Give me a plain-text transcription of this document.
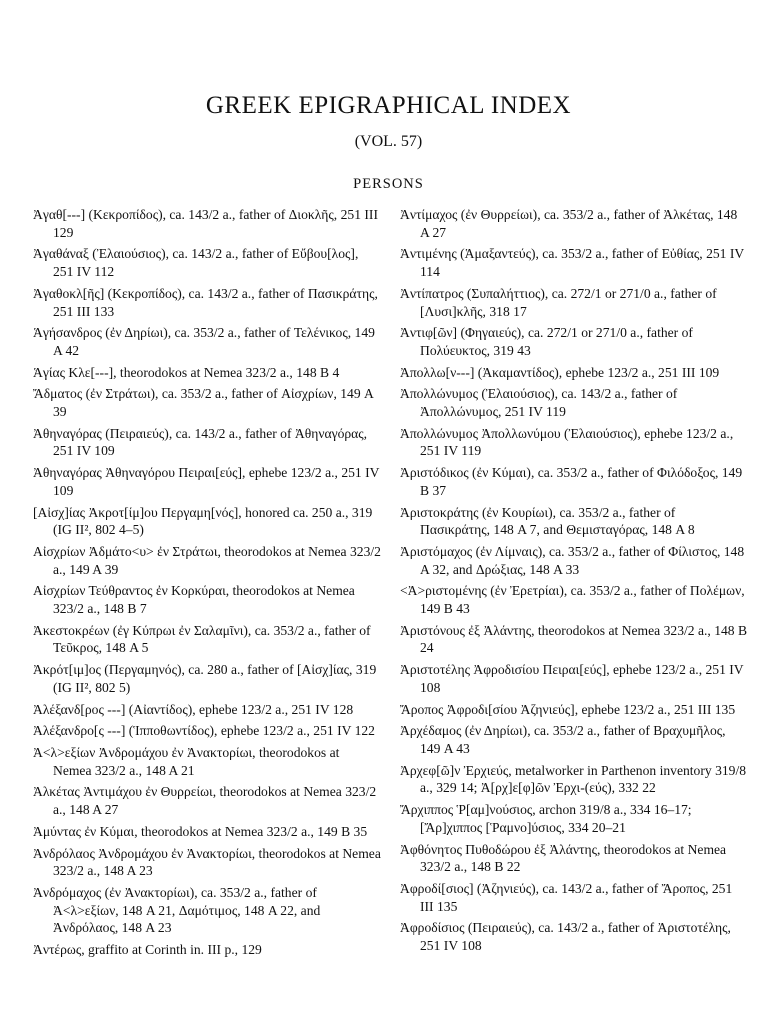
GREEK EPIGRAPHICAL INDEX
(VOL. 57)
PERSONS
Ἀγαθ[---] (Κεκροπίδος), ca. 143/2 a., father of Διοκλῆς, 251 III 129
Ἀγαθάναξ (Ἐλαιούσιος), ca. 143/2 a., father of Εὔβου[λος], 251 IV 112
Ἀγαθοκλ[ῆς] (Κεκροπίδος), ca. 143/2 a., father of Πασικράτης, 251 III 133
Ἁγήσανδρος (ἐν Δηρίωι), ca. 353/2 a., father of Τελένικος, 149 A 42
Ἁγίας Κλε[---], theorodokos at Nemea 323/2 a., 148 B 4
Ἄδματος (ἐν Στράτωι), ca. 353/2 a., father of Αἰσχρίων, 149 A 39
Ἀθηναγόρας (Πειραιεύς), ca. 143/2 a., father of Ἀθηναγόρας, 251 IV 109
Ἀθηναγόρας Ἀθηναγόρου Πειραι[εύς], ephebe 123/2 a., 251 IV 109
[Αἰσχ]ίας Ἀκροτ[ίμ]ου Περγαμη[νός], honored ca. 250 a., 319 (IG II², 802 4–5)
Αἰσχρίων Ἀδμάτο<υ> ἐν Στράτωι, theorodokos at Nemea 323/2 a., 149 A 39
Αἰσχρίων Τεύθραντος ἐν Κορκύραι, theorodokos at Nemea 323/2 a., 148 B 7
Ἀκεστοκρέων (ἐγ Κύπρωι ἐν Σαλαμῖνι), ca. 353/2 a., father of Τεῦκρος, 148 A 5
Ἀκρότ[ιμ]ος (Περγαμηνός), ca. 280 a., father of [Αἰσχ]ίας, 319 (IG II², 802 5)
Ἀλέξανδ[ρος ---] (Αἰαντίδος), ephebe 123/2 a., 251 IV 128
Ἀλέξανδρο[ς ---] (Ἱπποθωντίδος), ephebe 123/2 a., 251 IV 122
Ἀ<λ>εξίων Ἀνδρομάχου ἐν Ἀνακτορίωι, theorodokos at Nemea 323/2 a., 148 A 21
Ἀλκέτας Ἀντιμάχου ἐν Θυρρείωι, theorodokos at Nemea 323/2 a., 148 A 27
Ἀμύντας ἐν Κύμαι, theorodokos at Nemea 323/2 a., 149 B 35
Ἀνδρόλαος Ἀνδρομάχου ἐν Ἀνακτορίωι, theorodokos at Nemea 323/2 a., 148 A 23
Ἀνδρόμαχος (ἐν Ἀνακτορίωι), ca. 353/2 a., father of Ἀ<λ>εξίων, 148 A 21, Δαμότιμος, 148 A 22, and Ἀνδρόλαος, 148 A 23
Ἀντέρως, graffito at Corinth in. III p., 129
Ἀντίμαχος (ἐν Θυρρείωι), ca. 353/2 a., father of Ἀλκέτας, 148 A 27
Ἀντιμένης (Ἁμαξαντεύς), ca. 353/2 a., father of Εὐθίας, 251 IV 114
Ἀντίπατρος (Συπαλήττιος), ca. 272/1 or 271/0 a., father of [Λυσι]κλῆς, 318 17
Ἀντιφ[ῶν] (Φηγαιεύς), ca. 272/1 or 271/0 a., father of Πολύευκτος, 319 43
Ἀπολλω[ν---] (Ἀκαμαντίδος), ephebe 123/2 a., 251 III 109
Ἀπολλώνυμος (Ἐλαιούσιος), ca. 143/2 a., father of Ἀπολλώνυμος, 251 IV 119
Ἀπολλώνυμος Ἀπολλωνύμου (Ἐλαιούσιος), ephebe 123/2 a., 251 IV 119
Ἀριστόδικος (ἐν Κύμαι), ca. 353/2 a., father of Φιλόδοξος, 149 B 37
Ἀριστοκράτης (ἐν Κουρίωι), ca. 353/2 a., father of Πασικράτης, 148 A 7, and Θεμισταγόρας, 148 A 8
Ἀριστόμαχος (ἐν Λίμναις), ca. 353/2 a., father of Φίλιστος, 148 A 32, and Δρώξιας, 148 A 33
<Ἀ>ριστομένης (ἐν Ἐρετρίαι), ca. 353/2 a., father of Πολέμων, 149 B 43
Ἀριστόνους ἐξ Ἀλάντης, theorodokos at Nemea 323/2 a., 148 B 24
Ἀριστοτέλης Ἀφροδισίου Πειραι[εύς], ephebe 123/2 a., 251 IV 108
Ἄροπος Ἀφροδι[σίου Ἀζηνιεύς], ephebe 123/2 a., 251 III 135
Ἀρχέδαμος (ἐν Δηρίωι), ca. 353/2 a., father of Βραχυμῆλος, 149 A 43
Ἀρχεφ[ῶ]ν Ἐρχιεύς, metalworker in Parthenon inventory 319/8 a., 329 14; Ἀ[ρχ]ε[φ]ῶν Ἐρχι-(εύς), 332 22
Ἄρχιππος Ῥ[αμ]νούσιος, archon 319/8 a., 334 16–17; [Ἄρ]χιππος [Ῥαμνο]ύσιος, 334 20–21
Ἀφθόνητος Πυθοδώρου ἐξ Ἀλάντης, theorodokos at Nemea 323/2 a., 148 B 22
Ἀφροδί[σιος] (Ἀζηνιεύς), ca. 143/2 a., father of Ἄροπος, 251 III 135
Ἀφροδίσιος (Πειραιεύς), ca. 143/2 a., father of Ἀριστοτέλης, 251 IV 108
